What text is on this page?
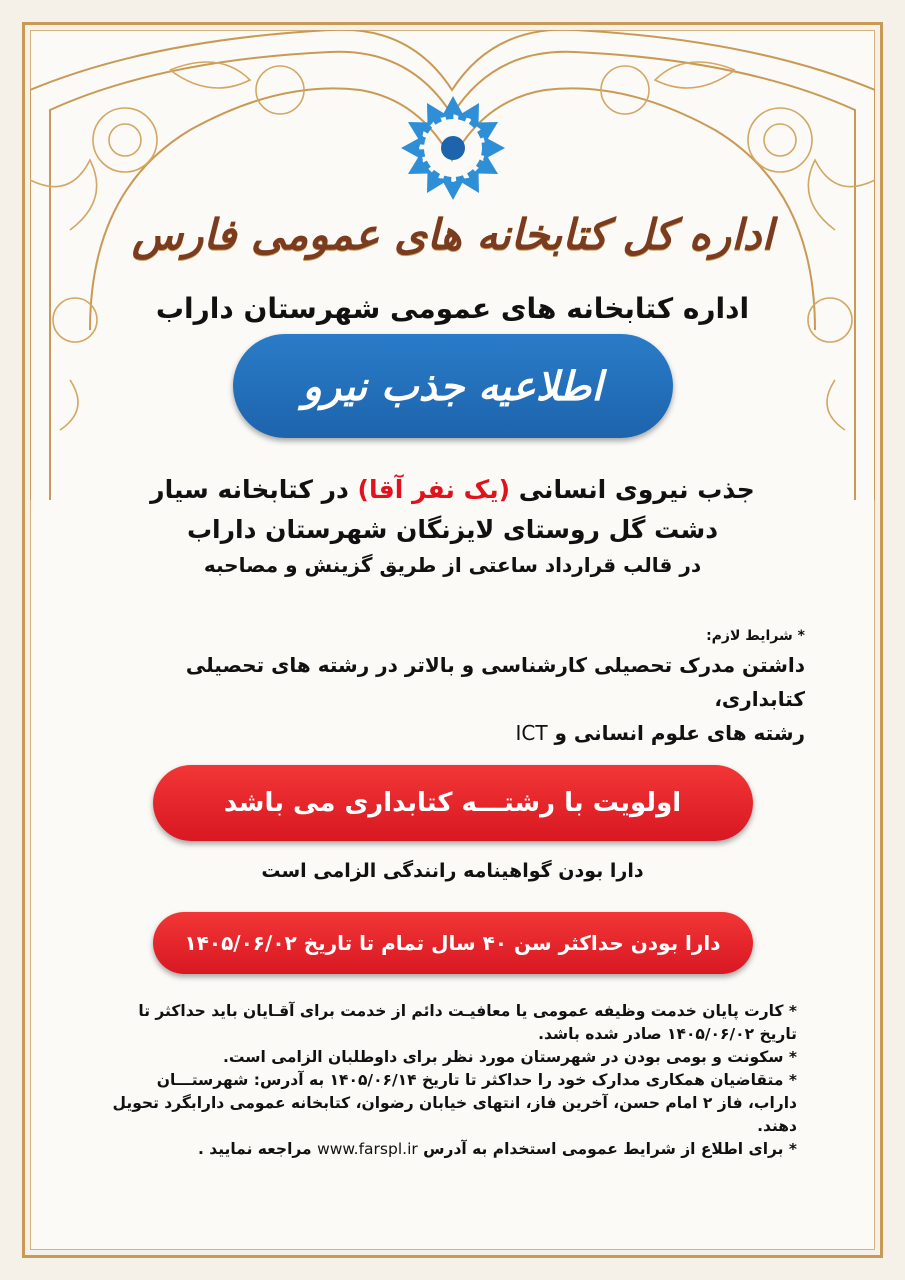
اداره کل کتابخانه های عمومی فارس
اداره کتابخانه های عمومی شهرستان داراب
اطلاعیه جذب نیرو
جذب نیروی انسانی (یک نفر آقا) در کتابخانه سیار
دشت گل روستای لایزنگان شهرستان داراب

در قالب قرارداد ساعتی از طریق گزینش و مصاحبه
* شرایط لازم:
داشتن مدرک تحصیلی کارشناسی و بالاتر در رشته های تحصیلی کتابداری،
رشته های علوم انسانی و ICT
اولویت با رشتـــه کتابداری می باشد
دارا بودن گواهینامه رانندگی الزامی است
دارا بودن حداکثر سن ۴۰ سال تمام تا تاریخ ۱۴۰۵/۰۶/۰۲

* کارت پایان خدمت وظیفه عمومی یا معافیـت دائم از خدمت برای آقـایان باید حداکثر تا تاریخ ۱۴۰۵/۰۶/۰۲ صادر شده باشد.

* سکونت و بومی بودن در شهرستان مورد نظر برای داوطلبان الزامی است.

* متقاضیان همکاری مدارک خود را حداکثر تا تاریخ ۱۴۰۵/۰۶/۱۴ به آدرس: شهرستـــان داراب، فاز ۲ امام حسن، آخرین فاز، انتهای خیابان رضوان، کتابخانه عمومی دارابگرد تحویل دهند.

* برای اطلاع از شرایط عمومی استخدام به آدرس www.farspl.ir مراجعه نمایید .
